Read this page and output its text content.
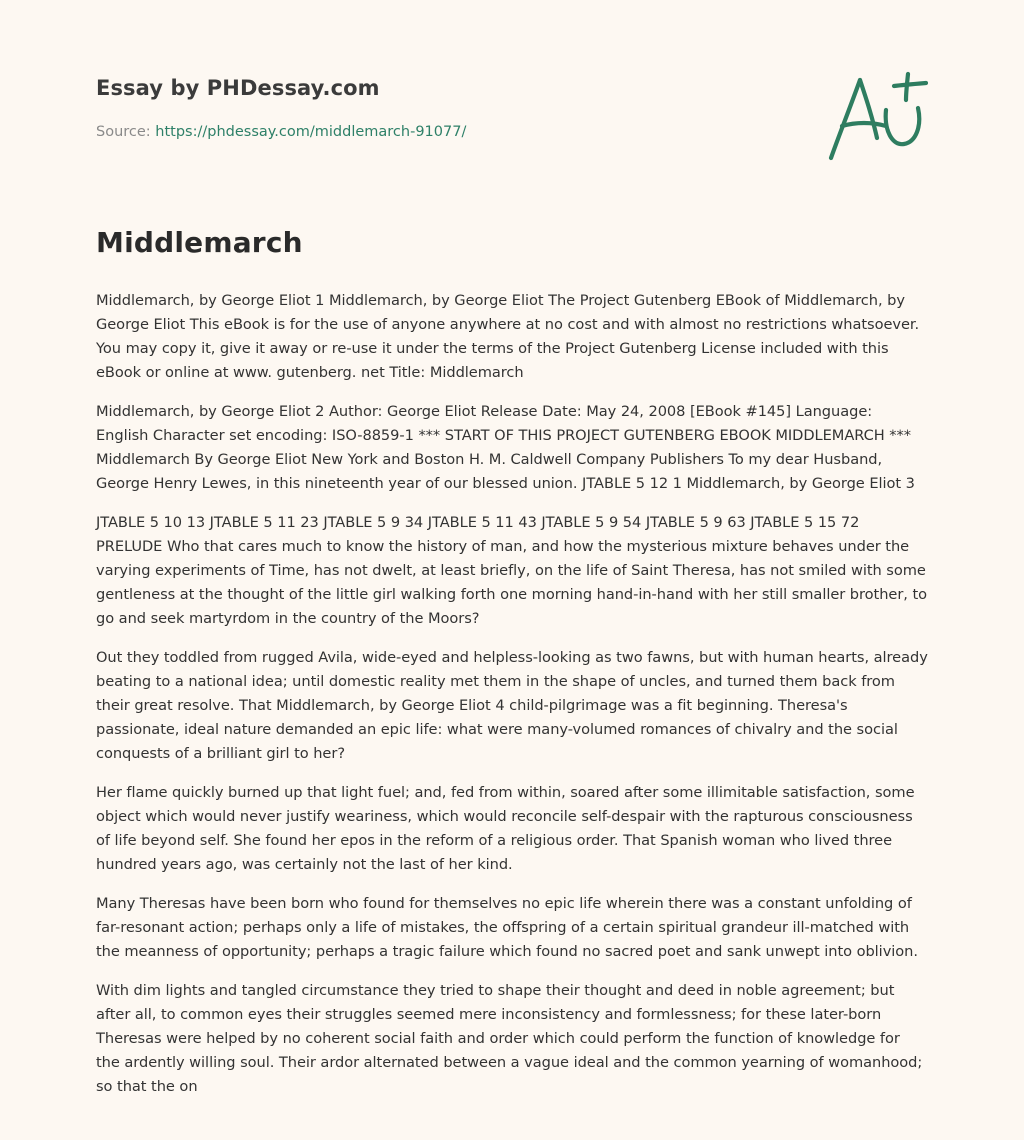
Essay by PHDessay.com
Source: https://phdessay.com/middlemarch-91077/
Middlemarch

Middlemarch, by George Eliot 1 Middlemarch, by George Eliot The Project Gutenberg EBook of Middlemarch, by George Eliot This eBook is for the use of anyone anywhere at no cost and with almost no restrictions whatsoever. You may copy it, give it away or re-use it under the terms of the Project Gutenberg License included with this eBook or online at www. gutenberg. net Title: Middlemarch

Middlemarch, by George Eliot 2 Author: George Eliot Release Date: May 24, 2008 [EBook #145] Language: English Character set encoding: ISO-8859-1 *** START OF THIS PROJECT GUTENBERG EBOOK MIDDLEMARCH *** Middlemarch By George Eliot New York and Boston H. M. Caldwell Company Publishers To my dear Husband, George Henry Lewes, in this nineteenth year of our blessed union. JTABLE 5 12 1 Middlemarch, by George Eliot 3

JTABLE 5 10 13 JTABLE 5 11 23 JTABLE 5 9 34 JTABLE 5 11 43 JTABLE 5 9 54 JTABLE 5 9 63 JTABLE 5 15 72 PRELUDE Who that cares much to know the history of man, and how the mysterious mixture behaves under the varying experiments of Time, has not dwelt, at least briefly, on the life of Saint Theresa, has not smiled with some gentleness at the thought of the little girl walking forth one morning hand-in-hand with her still smaller brother, to go and seek martyrdom in the country of the Moors?

Out they toddled from rugged Avila, wide-eyed and helpless-looking as two fawns, but with human hearts, already beating to a national idea; until domestic reality met them in the shape of uncles, and turned them back from their great resolve. That Middlemarch, by George Eliot 4 child-pilgrimage was a fit beginning. Theresa's passionate, ideal nature demanded an epic life: what were many-volumed romances of chivalry and the social conquests of a brilliant girl to her?

Her flame quickly burned up that light fuel; and, fed from within, soared after some illimitable satisfaction, some object which would never justify weariness, which would reconcile self-despair with the rapturous consciousness of life beyond self. She found her epos in the reform of a religious order. That Spanish woman who lived three hundred years ago, was certainly not the last of her kind.

Many Theresas have been born who found for themselves no epic life wherein there was a constant unfolding of far-resonant action; perhaps only a life of mistakes, the offspring of a certain spiritual grandeur ill-matched with the meanness of opportunity; perhaps a tragic failure which found no sacred poet and sank unwept into oblivion.

With dim lights and tangled circumstance they tried to shape their thought and deed in noble agreement; but after all, to common eyes their struggles seemed mere inconsistency and formlessness; for these later-born Theresas were helped by no coherent social faith and order which could perform the function of knowledge for the ardently willing soul. Their ardor alternated between a vague ideal and the common yearning of womanhood; so that the on
